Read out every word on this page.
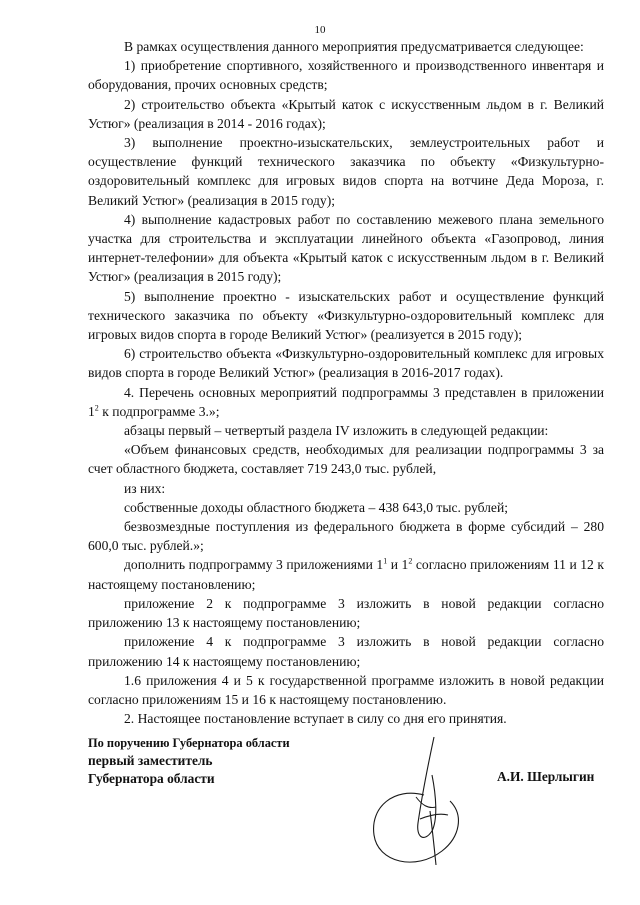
10

В рамках осуществления данного мероприятия предусматривается следующее:

1) приобретение спортивного, хозяйственного и производственного инвентаря и оборудования, прочих основных средств;

2) строительство объекта «Крытый каток с искусственным льдом в г. Великий Устюг» (реализация в 2014 - 2016 годах);

3) выполнение проектно-изыскательских, землеустроительных работ и осуществление функций технического заказчика по объекту «Физкультурно-оздоровительный комплекс для игровых видов спорта на вотчине Деда Мороза, г. Великий Устюг» (реализация в 2015 году);

4) выполнение кадастровых работ по составлению межевого плана земельного участка для строительства и эксплуатации линейного объекта «Газопровод, линия интернет-телефонии» для объекта «Крытый каток с искусственным льдом в г. Великий Устюг» (реализация в 2015 году);

5) выполнение проектно - изыскательских работ и осуществление функций технического заказчика по объекту «Физкультурно-оздоровительный комплекс для игровых видов спорта в городе Великий Устюг» (реализуется в 2015 году);

6) строительство объекта «Физкультурно-оздоровительный комплекс для игровых видов спорта в городе Великий Устюг» (реализация в 2016-2017 годах).

4. Перечень основных мероприятий подпрограммы 3 представлен в приложении $1^2$ к подпрограмме 3.»;

абзацы первый – четвертый раздела IV изложить в следующей редакции:

«Объем финансовых средств, необходимых для реализации подпрограммы 3 за счет областного бюджета, составляет 719 243,0 тыс. рублей,

из них:

собственные доходы областного бюджета – 438 643,0 тыс. рублей;

безвозмездные поступления из федерального бюджета в форме субсидий – 280 600,0 тыс. рублей.»;

дополнить подпрограмму 3 приложениями $1^1$ и $1^2$ согласно приложениям 11 и 12 к настоящему постановлению;

приложение 2 к подпрограмме 3 изложить в новой редакции согласно приложению 13 к настоящему постановлению;

приложение 4 к подпрограмме 3 изложить в новой редакции согласно приложению 14 к настоящему постановлению;

1.6 приложения 4 и 5 к государственной программе изложить в новой редакции согласно приложениям 15 и 16 к настоящему постановлению.

2. Настоящее постановление вступает в силу со дня его принятия.

По поручению Губернатора области
первый заместитель
Губернатора области	А.И. Шерлыгин
